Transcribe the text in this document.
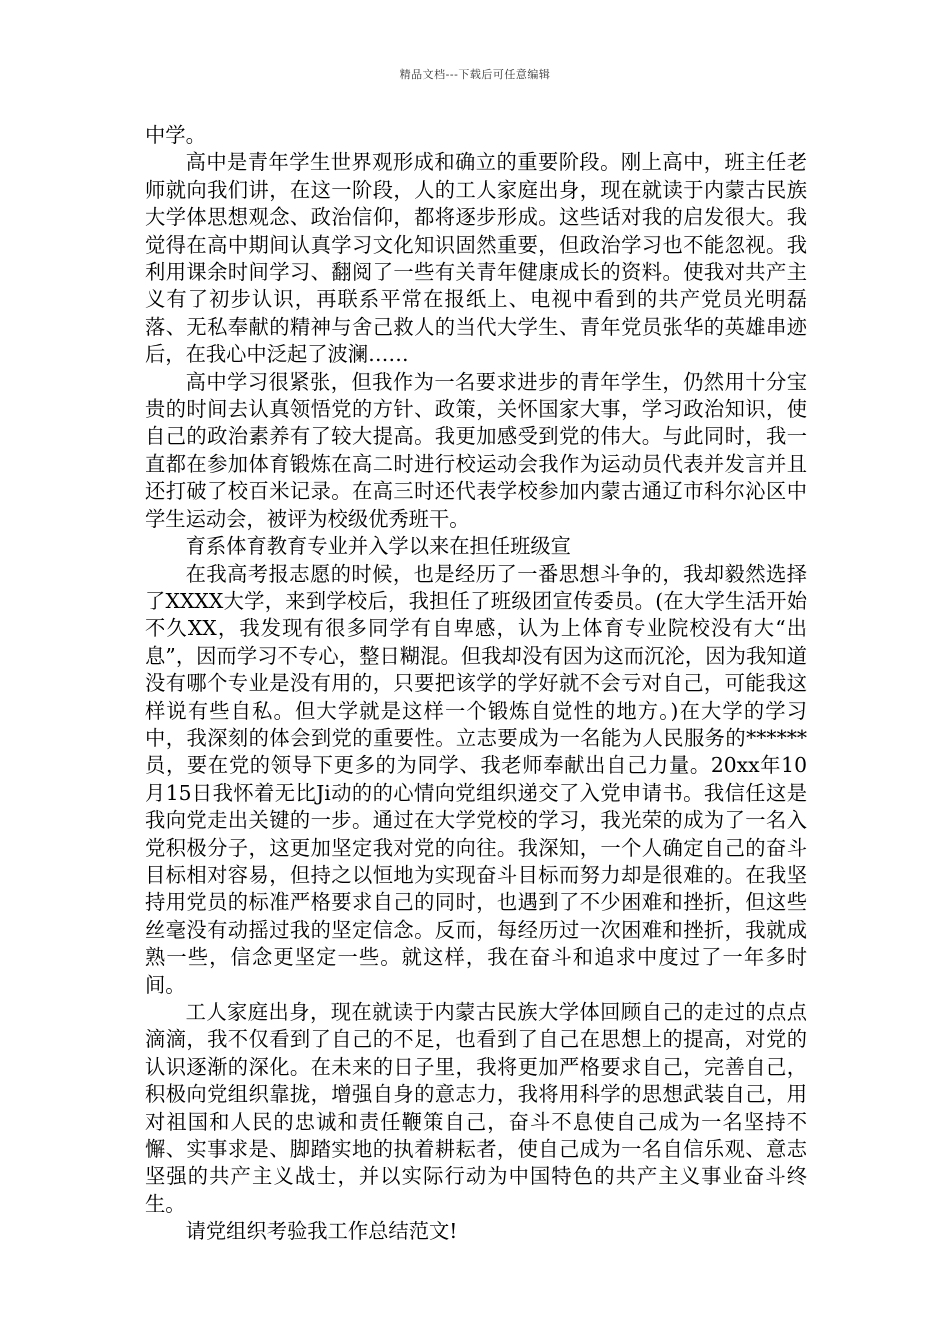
精品文档---下载后可任意编辑

中学。

高中是青年学生世界观形成和确立的重要阶段。刚上高中，班主任老师就向我们讲，在这一阶段，人的工人家庭出身，现在就读于内蒙古民族大学体思想观念、政治信仰，都将逐步形成。这些话对我的启发很大。我觉得在高中期间认真学习文化知识固然重要，但政治学习也不能忽视。我利用课余时间学习、翻阅了一些有关青年健康成长的资料。使我对共产主义有了初步认识，再联系平常在报纸上、电视中看到的共产党员光明磊落、无私奉献的精神与舍己救人的当代大学生、青年党员张华的英雄串迹后，在我心中泛起了波澜……

高中学习很紧张，但我作为一名要求进步的青年学生，仍然用十分宝贵的时间去认真领悟党的方针、政策，关怀国家大事，学习政治知识，使自己的政治素养有了较大提高。我更加感受到党的伟大。与此同时，我一直都在参加体育锻炼在高二时进行校运动会我作为运动员代表并发言并且还打破了校百米记录。在高三时还代表学校参加内蒙古通辽市科尔沁区中学生运动会，被评为校级优秀班干。

育系体育教育专业并入学以来在担任班级宣

在我高考报志愿的时候，也是经历了一番思想斗争的，我却毅然选择了XXXX大学，来到学校后，我担任了班级团宣传委员。(在大学生活开始不久XX，我发现有很多同学有自卑感，认为上体育专业院校没有大“出息”，因而学习不专心，整日糊混。但我却没有因为这而沉沦，因为我知道没有哪个专业是没有用的，只要把该学的学好就不会亏对自己，可能我这样说有些自私。但大学就是这样一个锻炼自觉性的地方。)在大学的学习中，我深刻的体会到党的重要性。立志要成为一名能为人民服务的******员，要在党的领导下更多的为同学、我老师奉献出自己力量。20xx年10月15日我怀着无比Ji动的的心情向党组织递交了入党申请书。我信任这是我向党走出关键的一步。通过在大学党校的学习，我光荣的成为了一名入党积极分子，这更加坚定我对党的向往。我深知，一个人确定自己的奋斗目标相对容易，但持之以恒地为实现奋斗目标而努力却是很难的。在我坚持用党员的标准严格要求自己的同时，也遇到了不少困难和挫折，但这些丝毫没有动摇过我的坚定信念。反而，每经历过一次困难和挫折，我就成熟一些，信念更坚定一些。就这样，我在奋斗和追求中度过了一年多时间。

工人家庭出身，现在就读于内蒙古民族大学体回顾自己的走过的点点滴滴，我不仅看到了自己的不足，也看到了自己在思想上的提高，对党的认识逐渐的深化。在未来的日子里，我将更加严格要求自己，完善自己，积极向党组织靠拢，增强自身的意志力，我将用科学的思想武装自己，用对祖国和人民的忠诚和责任鞭策自己，奋斗不息使自己成为一名坚持不懈、实事求是、脚踏实地的执着耕耘者，使自己成为一名自信乐观、意志坚强的共产主义战士，并以实际行动为中国特色的共产主义事业奋斗终生。

请党组织考验我工作总结范文!
